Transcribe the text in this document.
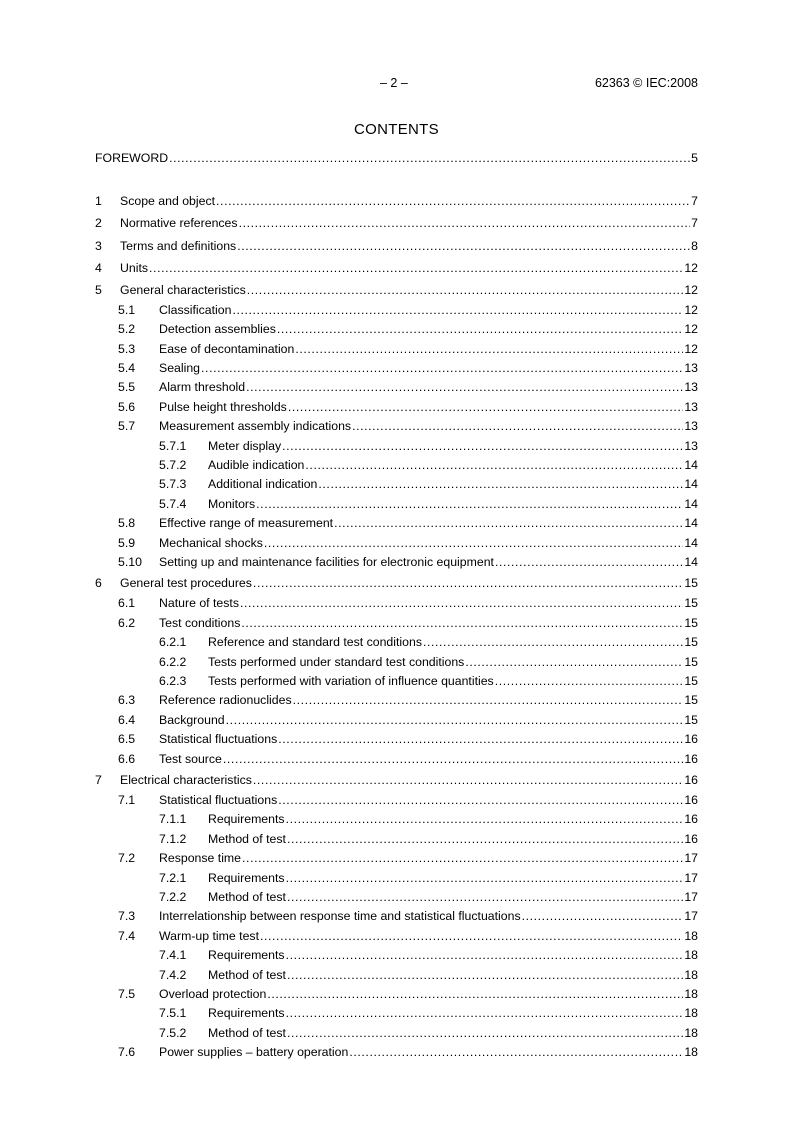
– 2 –	62363 © IEC:2008
CONTENTS
FOREWORD .....	5
1 Scope and object .....	7
2 Normative references .....	7
3 Terms and definitions .....	8
4 Units .....	12
5 General characteristics .....	12
5.1 Classification .....	12
5.2 Detection assemblies .....	12
5.3 Ease of decontamination .....	12
5.4 Sealing .....	13
5.5 Alarm threshold .....	13
5.6 Pulse height thresholds .....	13
5.7 Measurement assembly indications .....	13
5.7.1 Meter display .....	13
5.7.2 Audible indication .....	14
5.7.3 Additional indication .....	14
5.7.4 Monitors .....	14
5.8 Effective range of measurement .....	14
5.9 Mechanical shocks .....	14
5.10 Setting up and maintenance facilities for electronic equipment .....	14
6 General test procedures .....	15
6.1 Nature of tests .....	15
6.2 Test conditions .....	15
6.2.1 Reference and standard test conditions .....	15
6.2.2 Tests performed under standard test conditions .....	15
6.2.3 Tests performed with variation of influence quantities .....	15
6.3 Reference radionuclides .....	15
6.4 Background .....	15
6.5 Statistical fluctuations .....	16
6.6 Test source .....	16
7 Electrical characteristics .....	16
7.1 Statistical fluctuations .....	16
7.1.1 Requirements .....	16
7.1.2 Method of test .....	16
7.2 Response time .....	17
7.2.1 Requirements .....	17
7.2.2 Method of test .....	17
7.3 Interrelationship between response time and statistical fluctuations .....	17
7.4 Warm-up time test .....	18
7.4.1 Requirements .....	18
7.4.2 Method of test .....	18
7.5 Overload protection .....	18
7.5.1 Requirements .....	18
7.5.2 Method of test .....	18
7.6 Power supplies – battery operation .....	18
